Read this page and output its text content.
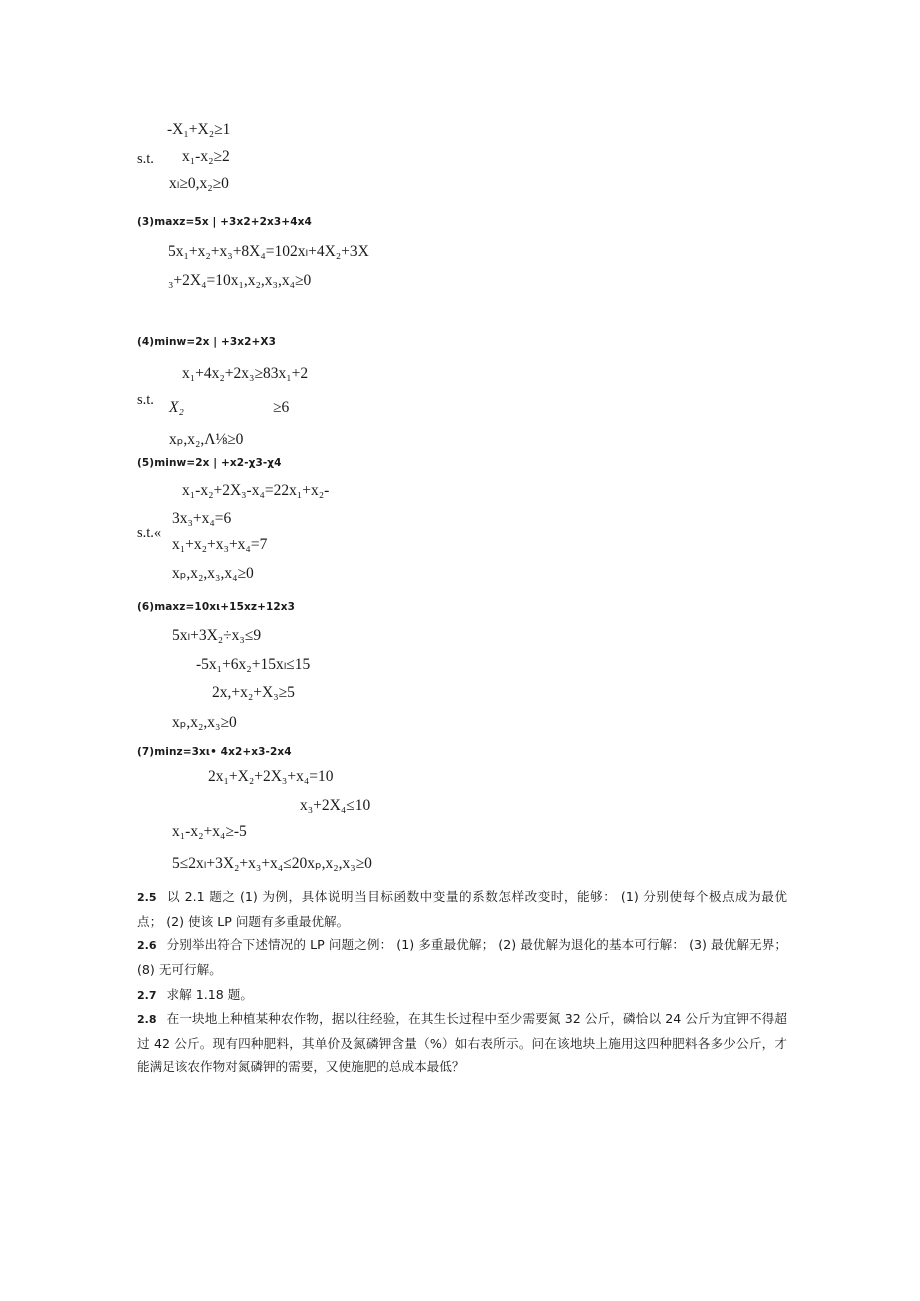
-X₁+X₂≥1
s.t. x₁-x₂≥2
xₗ≥0,x₂≥0
(3)maxz=5x | +3x2+2x3+4x4
5x₁+x₂+x₃+8X₄=102xₗ+4X₂+3X
₃+2X₄=10x₁,x₂,x₃,x₄≥0
(4)minw=2x | +3x2+X3
x₁+4x₂+2x₃≥83x₁+2
s.t. X₂	≥6
xₚ,x₂,Λ⅛≥0
(5)minw=2x | +x2-χ3-χ4
x₁-x₂+2X₃-x₄=22x₁+x₂-
3x₃+x₄=6
s.t.«
x₁+x₂+x₃+x₄=7
xₚ,x₂,x₃,x₄≥0
(6)maxz=10xι+15xz+12x3
5xₗ+3X₂÷x₃≤9
-5x₁+6x₂+15xₗ≤15
2x,+x₂+X₃≥5
xₚ,x₂,x₃≥0
(7)minz=3xι• 4x2+x3-2x4
2x₁+X₂+2X₃+x₄=10
x₃+2X₄≤10
x₁-x₂+x₄≥-5
5≤2xₗ+3X₂+x₃+x₄≤20xₚ,x₂,x₃≥0
2.5 以 2.1 题之 (1) 为例，具体说明当目标函数中变量的系数怎样改变时，能够： (1) 分别使每个极点成为最优点； (2) 使该 LP 问题有多重最优解。
2.6 分别举出符合下述情况的 LP 问题之例： (1) 多重最优解； (2) 最优解为退化的基本可行解： (3) 最优解无界； (8) 无可行解。
2.7 求解 1.18 题。
2.8 在一块地上种植某种农作物，据以往经验，在其生长过程中至少需要氮 32 公斤，磷恰以 24 公斤为宜钾不得超过 42 公斤。现有四种肥料，其单价及氮磷钾含量（%）如右表所示。问在该地块上施用这四种肥料各多少公斤，才能满足该农作物对氮磷钾的需要，又使施肥的总成本最低？
